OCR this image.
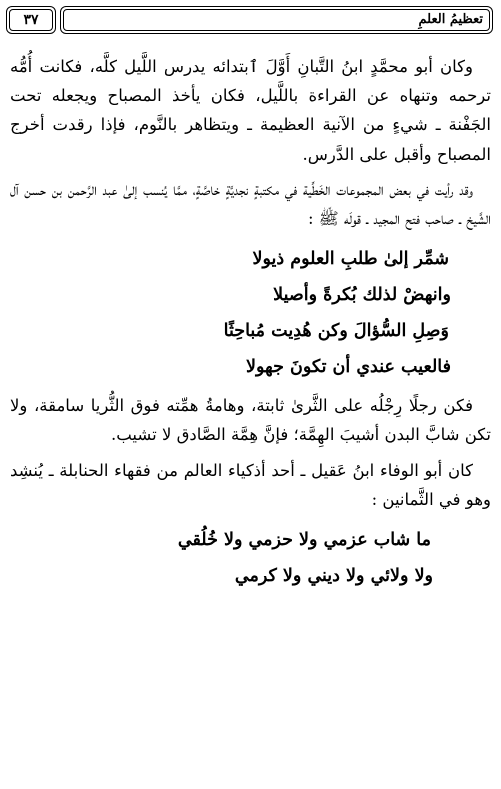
تعظيمُ العلمِ
٣٧

وكان أبو محمَّدٍ ابنُ التَّبانِ أَوَّلَ ٱبتدائه يدرس اللَّيل كلَّه، فكانت أُمُّه ترحمه وتنهاه عن القراءة باللَّيل، فكان يأخذ المصباح ويجعله تحت الجَفْنة ـ شيءٍ من الآنية العظيمة ـ ويتظاهر بالنَّوم، فإذا رقدت أخرج المصباح وأقبل على الدَّرس.

وقد رأيت في بعض المجموعات الخَطِّية في مكتبةٍ نجديَّةٍ خاصَّةٍ، ممَّا يُنسب إلىٰ عبد الرَّحمن بن حسن آل الشَّيخ ـ صاحب فتح المجيد ـ قولَه ﷺ :

شمِّر إلىٰ طلبِ العلوم ذيولا
وانهضْ لذلك بُكرةً وأصيلا
وَصِلِ السُّؤالَ وكن هُدِيت مُباحِثًا
فالعيب عندي أن تكونَ جهولا

فكن رجلًا رِجْلُه على الثَّرىٰ ثابتة، وهامةُ همِّته فوق الثُّريا سامقة، ولا تكن شابَّ البدن أشيبَ الهِمَّة؛ فإنَّ هِمَّة الصَّادق لا تشيب.

كان أبو الوفاء ابنُ عَقيل ـ أحد أذكياء العالم من فقهاء الحنابلة ـ يُنشِد وهو في الثَّمانين :

ما شاب عزمي ولا حزمي ولا خُلُقي
ولا ولائي ولا ديني ولا كرمي
